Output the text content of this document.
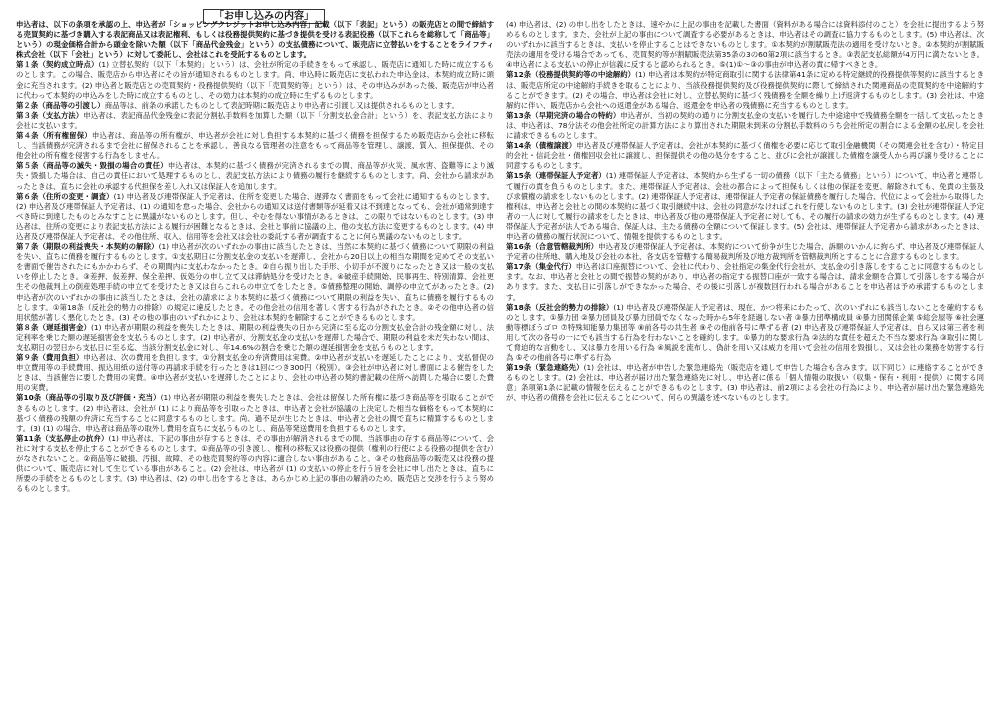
「お申し込みの内容」

申込者は、以下の条項を承認の上、申込者が「ショッピングクレジットお申し込み内容」記載（以下「表記」という）の販売店との間で締結する売買契約に基づき購入する表記商品又は表記権利、もしくは役務提供契約に基づき提供を受ける表記役務（以下これらを総称して「商品等」という）の現金価格合計から頭金を除いた額（以下「商品代金残金」という）の支払債務について、販売店に立替払いをすることをライフティ株式会社（以下「会社」という）に対して委託し、会社はこれを受託するものとします。

第１条（契約成立時点）(1) 立替払契約（以下「本契約」という）は、会社が所定の手続きをもって承認し、販売店に通知した時に成立するものとします。この場合、販売店から申込者にその旨が通知されるものとします。尚、申込時に販売店に支払われた申込金は、本契約成立時に頭金に充当されます。(2) 申込者と販売店との売買契約・役務提供契約（以下「売買契約等」という）は、その申込みがあった後、販売店が申込者に代わって本契約の申込みをした時に成立するものとし、その効力は本契約の成立時に生ずるものとします。

第２条（商品等の引渡し）商品等は、前条の承諾したものとして表記時期に販売店より申込者に引渡し又は提供されるものとします。

第３条（支払方法）申込者は、表記商品代金残金に表記分割払手数料を加算した額（以下「分割支払金合計」という）を、表記支払方法により会社に支払います。

第４条（所有権留保）申込者は、商品等の所有権が、申込者が会社に対し負担する本契約に基づく債務を担保するため販売店から会社に移転し、当該債務が完済されるまで会社に留保されることを承認し、善良なる管理者の注意をもって商品等を管理し、譲渡、質入、担保提供、その他会社の所有権を侵害する行為をしません。

第５条（商品等の滅失・毀損の場合の責任）申込者は、本契約に基づく債務が完済されるまでの間、商品等が火災、風水害、盗難等により滅失・毀損した場合は、自己の責任において処理するものとし、表記支払方法により債務の履行を継続するものとします。尚、会社から請求があったときは、直ちに会社の承認する代担保を差し入れ又は保証人を追加します。

第６条（住所の変更・調査）(1) 申込者及び連帯保証人予定者は、住所を変更した場合、遅滞なく書面をもって会社に通知するものとします。(2) 申込者及び連帯保証人予定者は、(1) の通知を怠った場合、会社からの通知又は送付書類等が延着又は不到達となっても、会社が通常到達すべき時に到達したものとみなすことに異議がないものとします。但し、やむを得ない事情があるときは、この限りではないものとします。(3) 申込者は、住所の変更により表記支払方法による履行が困難となるときは、会社と事前に協議の上、他の支払方法に変更するものとします。(4) 申込者及び連帯保証人予定者は、その他住所、収入、信用等を会社又は会社の委託する者が調査することに何ら異議のないものとします。

第７条（期限の利益喪失・本契約の解除）(1) 申込者が次のいずれかの事由に該当したときは、当然に本契約に基づく債務について期限の利益を失い、直ちに債務を履行するものとします。①支払期日に分割支払金の支払いを遅滞し、会社から20日以上の相当な期間を定めてその支払いを書面で催告されたにもかかわらず、その期間内に支払わなかったとき。②自ら振り出した手形、小切手が不渡りになったとき又は一般の支払いを停止したとき。③差押、仮差押、保全差押、仮処分の申し立て又は滞納処分を受けたとき。④破産手続開始、民事再生、特別清算、会社更生その他裁判上の倒産処理手続の申立てを受けたとき又は自らこれらの申立てをしたとき。⑤債務整理の開始、調停の申立てがあったとき。(2) 申込者が次のいずれかの事由に該当したときは、会社の請求により本契約に基づく債務について期限の利益を失い、直ちに債務を履行するものとします。①第18条（反社会的勢力の排除）の規定に違反したとき。その他会社の信用を著しく害する行為がされたとき。②その他申込者の信用状態が著しく悪化したとき。(3) その他の事由のいずれかにより、会社は本契約を解除することができるものとします。

第８条（遅延損害金）(1) 申込者が期限の利益を喪失したときは、期限の利益喪失の日から完済に至る迄の分割支払金合計の残金額に対し、法定利率を乗じた額の遅延損害金を支払うものとします。(2) 申込者が、分割支払金の支払いを遅滞した場合で、期限の利益を未だ失わない間は、支払期日の翌日から支払日に至る迄、当該分割支払金に対し、年14.6%の割合を乗じた額の遅延損害金を支払うものとします。

第９条（費用負担）申込者は、次の費用を負担します。①分割支払金の弁済費用は実費。②申込者が支払いを遅延したことにより、支払督促の申立費用等の手続費用、振込用紙の送付等の再請求手続を行ったときは1回につき300円（税別）。③会社が申込者に対し書面による催告をしたときは、当該催告に要した費用の実費。④申込者が支払いを遅滞したことにより、会社の申込者の契約書記載の住所へ訪問した場合に要した費用の実費。

第10条（商品等の引取り及び評価・充当）(1) 申込者が期限の利益を喪失したときは、会社は留保した所有権に基づき商品等を引取ることができるものとします。(2) 申込者は、会社が (1) により商品等を引取ったときは、申込者と会社が協議の上決定した相当な価格をもって本契約に基づく債務の残額の弁済に充当することに同意するものとします。尚、過不足が生じたときは、申込者と会社の間で直ちに精算するものとします。(3) (1) の場合、申込者は商品等の取外し費用を直ちに支払うものとし、商品等発送費用を負担するものとします。

第11条（支払停止の抗弁）(1) 申込者は、下記の事由が存するときは、その事由が解消されるまでの間、当該事由の存する商品等について、会社に対する支払を停止することができるものとします。①商品等の引き渡し、権利の移転又は役務の提供（権利の行使による役務の提供を含む）がなされないこと。②商品等に破損、汚損、故障、その他売買契約等の内容に適合しない事由があること。③その他商品等の販売又は役務の提供について、販売店に対して生じている事由があること。(2) 会社は、申込者が (1) の支払いの停止を行う旨を会社に申し出たときは、直ちに所要の手続をとるものとします。(3) 申込者は、(2) の申し出をするときは、あらかじめ上記の事由の解消のため、販売店と交渉を行うよう努めるものとします。

(4) 申込者は、(2) の申し出をしたときは、速やかに上記の事由を記載した書面（資料がある場合には資料添付のこと）を会社に提出するよう努めるものとします。また、会社が上記の事由について調査する必要があるときは、申込者はその調査に協力するものとします。(5) 申込者は、次のいずれかに該当するときは、支払いを停止することはできないものとします。①本契約が割賦販売法の適用を受けないとき。②本契約が割賦販売法の適用を受ける場合であっても、売買契約等が割賦販売法第35条の3の60第2項に該当するとき。③表記支払総額が4万円に満たないとき。④申込者による支払いの停止が信義に反すると認められるとき。⑤(1)①～③の事由が申込者の責に帰すべきとき。

第12条（役務提供契約等の中途解約）(1) 申込者は本契約が特定商取引に関する法律第41条に定める特定継続的役務提供等契約に該当するときは、販売店所定の中途解約手続きを取ることにより、当該役務提供契約及び役務提供契約に際して締結された関連商品の売買契約を中途解約することができます。(2) その場合、申込者は会社に対し、立替払契約に基づく残債務を全額を繰り上げ返済するものとします。(3) 会社は、中途解約に伴い、販売店から会社への返還金がある場合、返還金を申込者の残債務に充当するものとします。

第13条（早期完済の場合の特約）申込者が、当初の契約の通りに分割支払金の支払いを履行した中途途中で残債務全額を一括して支払ったときは、申込者は、78分法その他会社所定の計算方法により算出された期限未到来の分割払手数料のうち会社所定の割合による金額の払戻しを会社に請求できるものとします。

第14条（債権譲渡）申込者及び連帯保証人予定者は、会社が本契約に基づく債権を必要に応じて取引金融機関（その関連会社を含む）・特定目的会社・信託会社・債権回収会社に譲渡し、担保提供その他の処分をすること、並びに会社が譲渡した債権を譲受人から再び譲り受けることに同意するものとします。

第15条（連帯保証人予定者）(1) 連帯保証人予定者は、本契約から生ずる一切の債務（以下「主たる債務」という）について、申込者と連帯して履行の責を負うものとします。また、連帯保証人予定者は、会社の都合によって担保もしくは他の保証を変更、解除されても、免責の主張及び求償権の請求をしないものとします。(2) 連帯保証人予定者は、連帯保証人予定者の保証債務を履行した場合、代位によって会社から取得した権利は、申込者と会社との間の本契約に基づく取引継続中は、会社の同意がなければこれを行使しないものとします。(3) 会社が連帯保証人予定者の一人に対して履行の請求をしたときは、申込者及び他の連帯保証人予定者に対しても、その履行の請求の効力が生ずるものとします。(4) 連帯保証人予定者が法人である場合、保証人は、主たる債務の全額について保証します。(5) 会社は、連帯保証人予定者から請求があったときは、申込者の債務の履行状況について、情報を提供するものとします。

第16条（合意管轄裁判所）申込者及び連帯保証人予定者は、本契約について紛争が生じた場合、訴額のいかんに拘らず、申込者及び連帯保証人予定者の住所地、購入地及び会社の本社、各支店を管轄する簡易裁判所及び地方裁判所を管轄裁判所とすることに合意するものとします。

第17条（集金代行）申込者は口座振替について、会社に代わり、会社指定の集金代行会社が、支払金の引き落しをすることに同意するものとします。なお、申込者と会社との間で振替の契約があり、申込者の指定する振替口座が一致する場合は、請求金額を合算して引落しをする場合があります。また、支払日に引落しができなかった場合、その後に引落しが複数回行われる場合があることを申込者は予め承諾するものとします。

第18条（反社会的勢力の排除）(1) 申込者及び連帯保証人予定者は、現在、かつ将来にわたって、次のいずれにも該当しないことを確約するものとします。①暴力団 ②暴力団員及び暴力団員でなくなった時から5年を経過しない者 ③暴力団準構成員 ④暴力団関係企業 ⑤総会屋等 ⑥社会運動等標ぼうゴロ ⑦特殊知能暴力集団等 ⑧前各号の共生者 ⑨その他前各号に準ずる者 (2) 申込者及び連帯保証人予定者は、自ら又は第三者を利用して次の各号の一にでも該当する行為を行わないことを確約します。①暴力的な要求行為 ②法的な責任を超えた不当な要求行為 ③取引に関して脅迫的な言動をし、又は暴力を用いる行為 ④風説を流布し、偽計を用い又は威力を用いて会社の信用を毀損し、又は会社の業務を妨害する行為 ⑤その他前各号に準ずる行為

第19条（緊急連絡先）(1) 会社は、申込者が申告した緊急連絡先（販売店を通して申告した場合も含みます。以下同じ）に連絡することができるものとします。(2) 会社は、申込者が届け出た緊急連絡先に対し、申込者に係る「個人情報の取扱い（収集・保有・利用・提供）に関する同意」条項第1条に記載の情報を伝えることができるものとします。(3) 申込者は、前2項による会社の行為により、申込者が届け出た緊急連絡先が、申込者の債務を会社に伝えることについて、何らの異議を述べないものとします。
